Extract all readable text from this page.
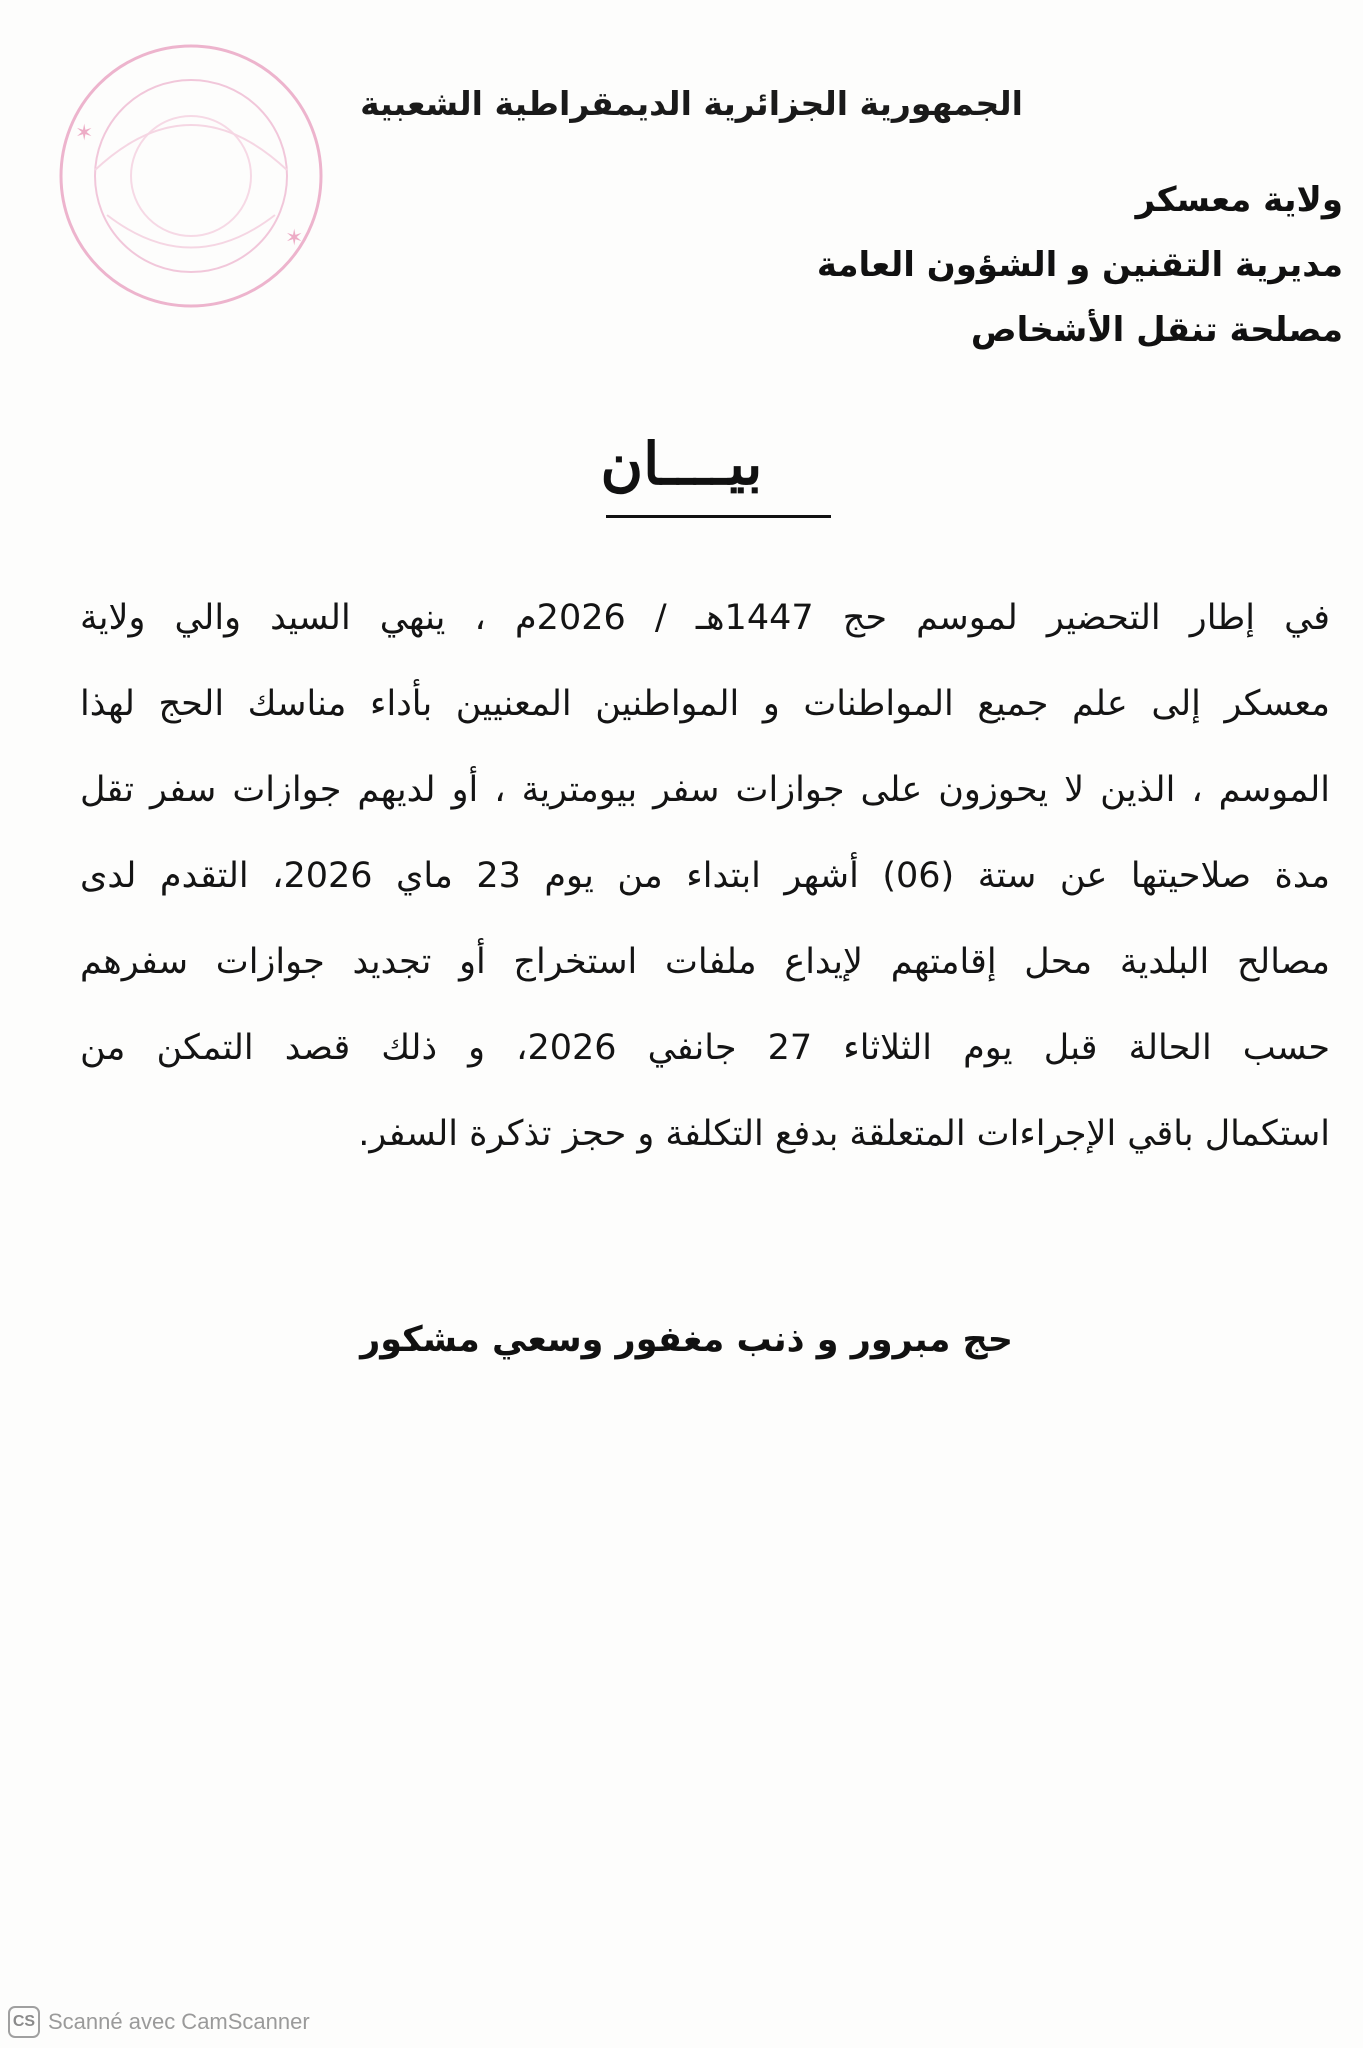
✶
✶
الجمهورية الجزائرية الديمقراطية الشعبية
ولاية معسكر
مديرية التقنين و الشؤون العامة
مصلحة تنقل الأشخاص
بيــــان
في إطار التحضير لموسم حج 1447هـ / 2026م ، ينهي السيد والي ولاية
معسكر إلى علم جميع المواطنات و المواطنين المعنيين بأداء مناسك الحج لهذا
الموسم ، الذين لا يحوزون على جوازات سفر بيومترية ، أو لديهم جوازات سفر تقل
مدة صلاحيتها عن ستة (06) أشهر ابتداء من يوم 23 ماي 2026، التقدم لدى
مصالح البلدية محل إقامتهم لإيداع ملفات استخراج أو تجديد جوازات سفرهم
حسب الحالة قبل يوم الثلاثاء 27 جانفي 2026، و ذلك قصد التمكن من
استكمال باقي الإجراءات المتعلقة بدفع التكلفة و حجز تذكرة السفر.
حج مبرور و ذنب مغفور وسعي مشكور
CS Scanné avec CamScanner
